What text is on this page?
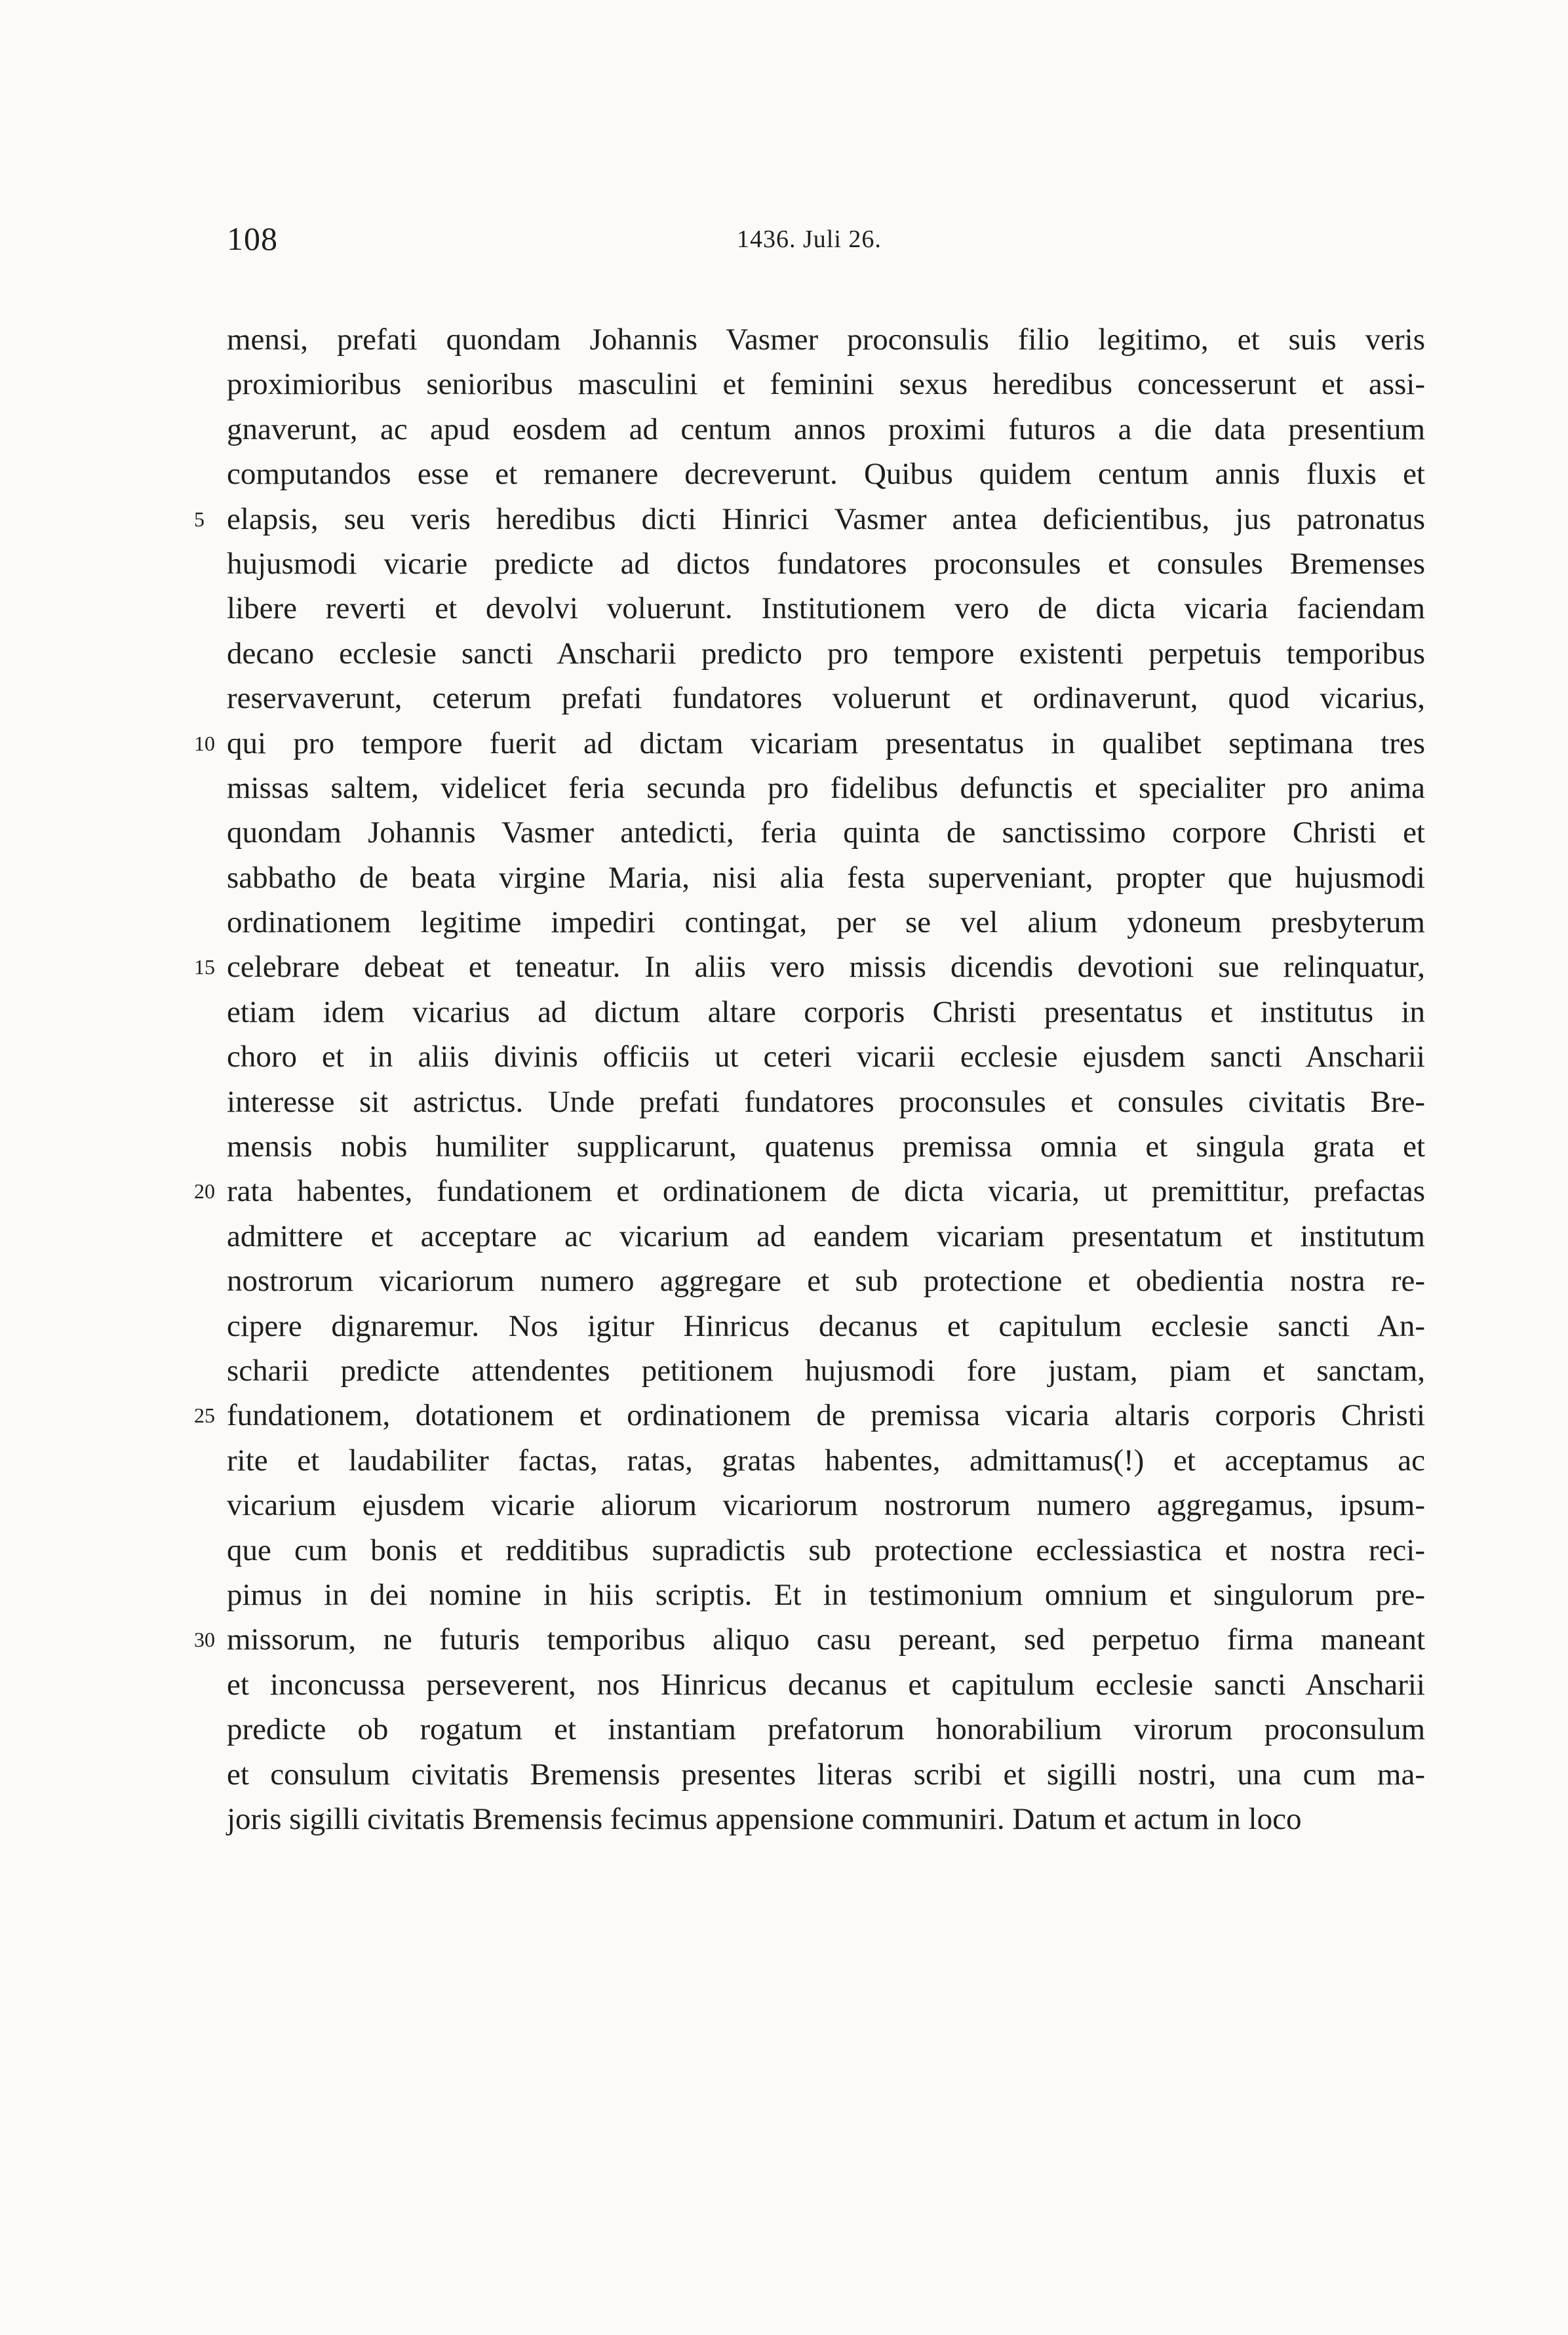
108	1436. Juli 26.
mensi, prefati quondam Johannis Vasmer proconsulis filio legitimo, et suis veris
proximioribus senioribus masculini et feminini sexus heredibus concesserunt et assi-
gnaverunt, ac apud eosdem ad centum annos proximi futuros a die data presentium
computandos esse et remanere decreverunt. Quibus quidem centum annis fluxis et
5 elapsis, seu veris heredibus dicti Hinrici Vasmer antea deficientibus, jus patronatus
hujusmodi vicarie predicte ad dictos fundatores proconsules et consules Bremenses
libere reverti et devolvi voluerunt. Institutionem vero de dicta vicaria faciendam
decano ecclesie sancti Anscharii predicto pro tempore existenti perpetuis temporibus
reservaverunt, ceterum prefati fundatores voluerunt et ordinaverunt, quod vicarius,
10 qui pro tempore fuerit ad dictam vicariam presentatus in qualibet septimana tres
missas saltem, videlicet feria secunda pro fidelibus defunctis et specialiter pro anima
quondam Johannis Vasmer antedicti, feria quinta de sanctissimo corpore Christi et
sabbatho de beata virgine Maria, nisi alia festa superveniant, propter que hujusmodi
ordinationem legitime impediri contingat, per se vel alium ydoneum presbyterum
15 celebrare debeat et teneatur. In aliis vero missis dicendis devotioni sue relinquatur,
etiam idem vicarius ad dictum altare corporis Christi presentatus et institutus in
choro et in aliis divinis officiis ut ceteri vicarii ecclesie ejusdem sancti Anscharii
interesse sit astrictus. Unde prefati fundatores proconsules et consules civitatis Bre-
mensis nobis humiliter supplicarunt, quatenus premissa omnia et singula grata et
20 rata habentes, fundationem et ordinationem de dicta vicaria, ut premittitur, prefactas
admittere et acceptare ac vicarium ad eandem vicariam presentatum et institutum
nostrorum vicariorum numero aggregare et sub protectione et obedientia nostra re-
cipere dignaremur. Nos igitur Hinricus decanus et capitulum ecclesie sancti An-
scharii predicte attendentes petitionem hujusmodi fore justam, piam et sanctam,
25 fundationem, dotationem et ordinationem de premissa vicaria altaris corporis Christi
rite et laudabiliter factas, ratas, gratas habentes, admittamus(!) et acceptamus ac
vicarium ejusdem vicarie aliorum vicariorum nostrorum numero aggregamus, ipsum-
que cum bonis et redditibus supradictis sub protectione ecclessiastica et nostra reci-
pimus in dei nomine in hiis scriptis. Et in testimonium omnium et singulorum pre-
30 missorum, ne futuris temporibus aliquo casu pereant, sed perpetuo firma maneant
et inconcussa perseverent, nos Hinricus decanus et capitulum ecclesie sancti Anscharii
predicte ob rogatum et instantiam prefatorum honorabilium virorum proconsulum
et consulum civitatis Bremensis presentes literas scribi et sigilli nostri, una cum ma-
joris sigilli civitatis Bremensis fecimus appensione communiri. Datum et actum in loco
